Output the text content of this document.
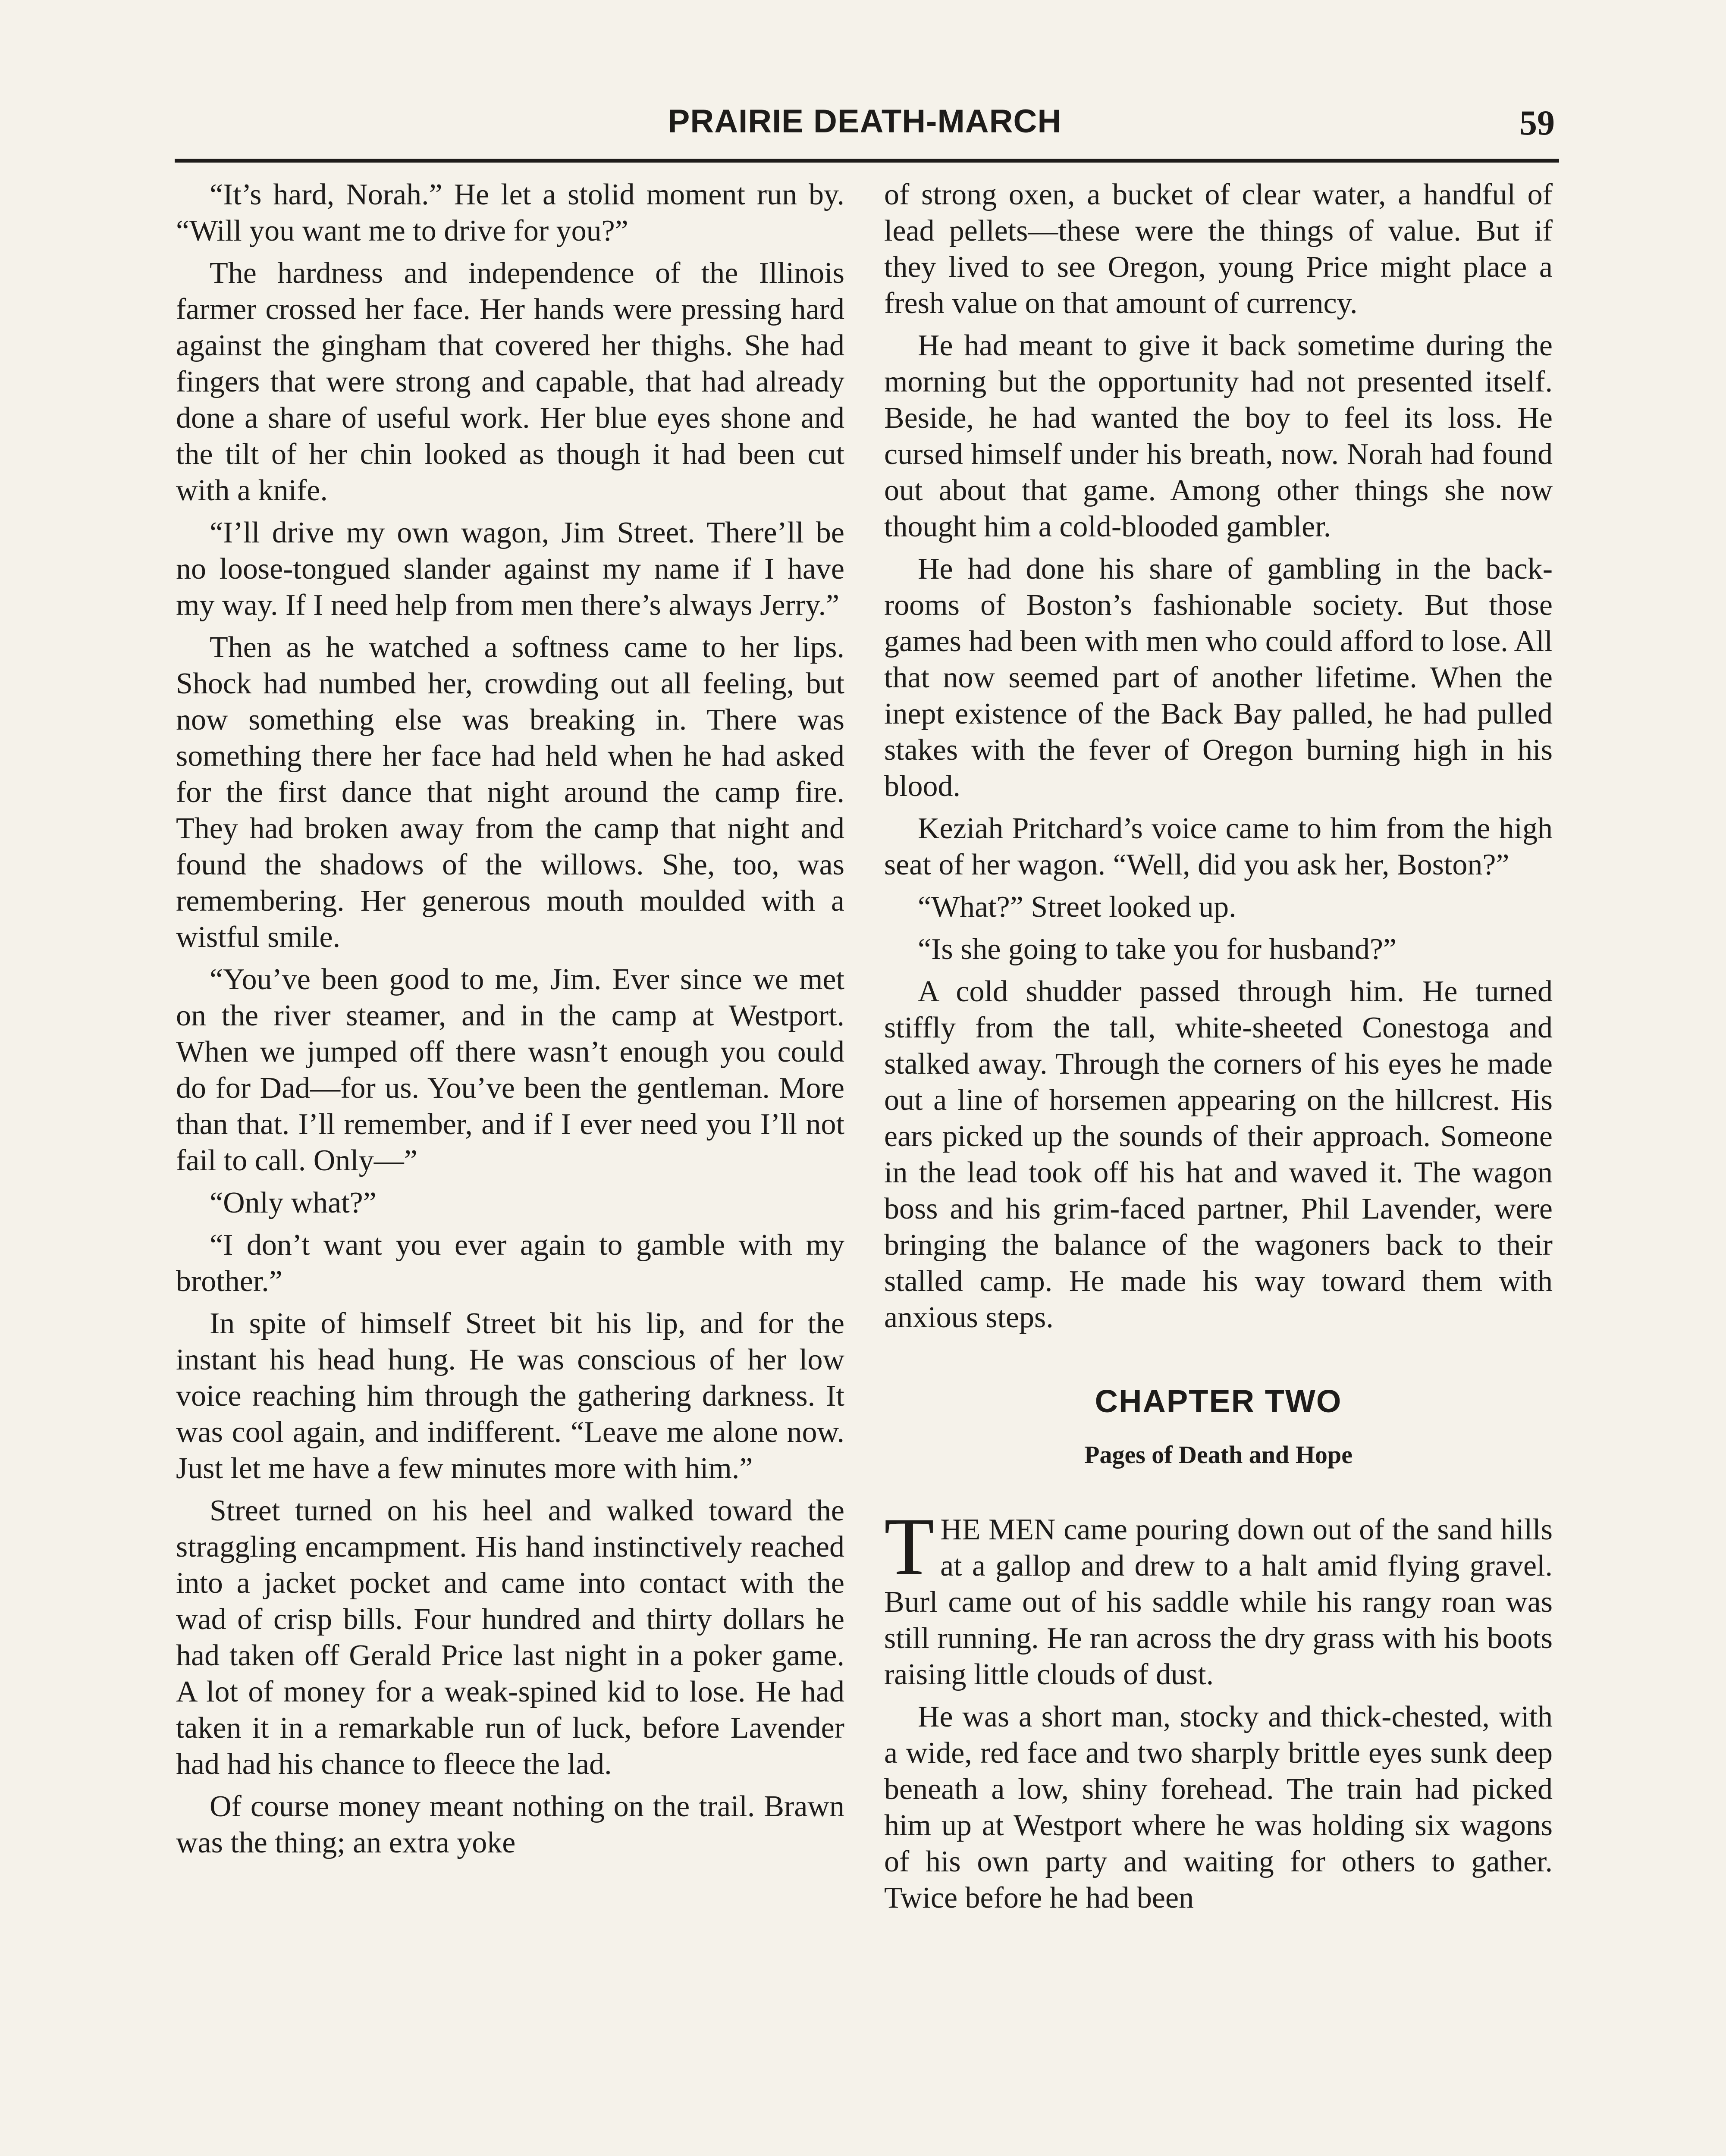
PRAIRIE DEATH-MARCH	59

“It’s hard, Norah.” He let a stolid moment run by. “Will you want me to drive for you?”

The hardness and independence of the Illinois farmer crossed her face. Her hands were pressing hard against the gingham that covered her thighs. She had fingers that were strong and capable, that had already done a share of useful work. Her blue eyes shone and the tilt of her chin looked as though it had been cut with a knife.

“I’ll drive my own wagon, Jim Street. There’ll be no loose-tongued slander against my name if I have my way. If I need help from men there’s always Jerry.”

Then as he watched a softness came to her lips. Shock had numbed her, crowding out all feeling, but now something else was breaking in. There was something there her face had held when he had asked for the first dance that night around the camp fire. They had broken away from the camp that night and found the shadows of the willows. She, too, was remembering. Her generous mouth moulded with a wistful smile.

“You’ve been good to me, Jim. Ever since we met on the river steamer, and in the camp at Westport. When we jumped off there wasn’t enough you could do for Dad—for us. You’ve been the gentleman. More than that. I’ll remember, and if I ever need you I’ll not fail to call. Only—”

“Only what?”

“I don’t want you ever again to gamble with my brother.”

In spite of himself Street bit his lip, and for the instant his head hung. He was conscious of her low voice reaching him through the gathering darkness. It was cool again, and indifferent. “Leave me alone now. Just let me have a few minutes more with him.”

Street turned on his heel and walked toward the straggling encampment. His hand instinctively reached into a jacket pocket and came into contact with the wad of crisp bills. Four hundred and thirty dollars he had taken off Gerald Price last night in a poker game. A lot of money for a weak-spined kid to lose. He had taken it in a remarkable run of luck, before Lavender had had his chance to fleece the lad.

Of course money meant nothing on the trail. Brawn was the thing; an extra yoke

of strong oxen, a bucket of clear water, a handful of lead pellets—these were the things of value. But if they lived to see Oregon, young Price might place a fresh value on that amount of currency.

He had meant to give it back sometime during the morning but the opportunity had not presented itself. Beside, he had wanted the boy to feel its loss. He cursed himself under his breath, now. Norah had found out about that game. Among other things she now thought him a cold-blooded gambler.

He had done his share of gambling in the back-rooms of Boston’s fashionable society. But those games had been with men who could afford to lose. All that now seemed part of another lifetime. When the inept existence of the Back Bay palled, he had pulled stakes with the fever of Oregon burning high in his blood.

Keziah Pritchard’s voice came to him from the high seat of her wagon. “Well, did you ask her, Boston?”

“What?” Street looked up.

“Is she going to take you for husband?”

A cold shudder passed through him. He turned stiffly from the tall, white-sheeted Conestoga and stalked away. Through the corners of his eyes he made out a line of horsemen appearing on the hillcrest. His ears picked up the sounds of their approach. Someone in the lead took off his hat and waved it. The wagon boss and his grim-faced partner, Phil Lavender, were bringing the balance of the wagoners back to their stalled camp. He made his way toward them with anxious steps.

CHAPTER TWO
Pages of Death and Hope

THE MEN came pouring down out of the sand hills at a gallop and drew to a halt amid flying gravel. Burl came out of his saddle while his rangy roan was still running. He ran across the dry grass with his boots raising little clouds of dust.

He was a short man, stocky and thick-chested, with a wide, red face and two sharply brittle eyes sunk deep beneath a low, shiny forehead. The train had picked him up at Westport where he was holding six wagons of his own party and waiting for others to gather. Twice before he had been
